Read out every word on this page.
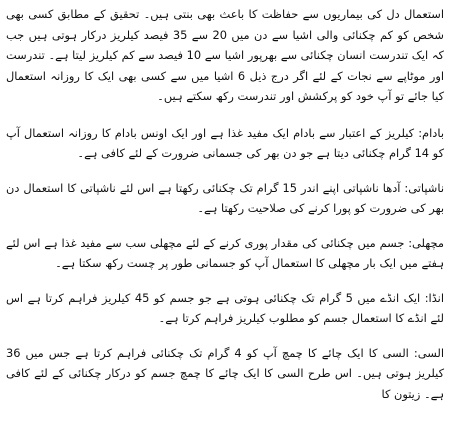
استعمال دل کی بیماریوں سے حفاظت کا باعث بھی بنتی ہیں۔ تحقیق کے مطابق کسی بھی شخص کو کم چکنائی والی اشیا سے دن میں 20 سے 35 فیصد کیلریز درکار ہوتی ہیں جب کہ ایک تندرست انسان چکنائی سے بھرپور اشیا سے 10 فیصد سے کم کیلریز لیتا ہے۔ تندرست اور موٹاپے سے نجات کے لئے اگر درج ذیل 6 اشیا میں سے کسی بھی ایک کا روزانہ استعمال کیا جائے تو آپ خود کو پرکشش اور تندرست رکھ سکتے ہیں۔

بادام: کیلریز کے اعتبار سے بادام ایک مفید غذا ہے اور ایک اونس بادام کا روزانہ استعمال آپ کو 14 گرام چکنائی دیتا ہے جو دن بھر کی جسمانی ضرورت کے لئے کافی ہے۔

ناشپاتی: آدھا ناشپاتی اپنے اندر 15 گرام تک چکنائی رکھتا ہے اس لئے ناشپاتی کا استعمال دن بھر کی ضرورت کو پورا کرنے کی صلاحیت رکھتا ہے۔

مچھلی: جسم میں چکنائی کی مقدار پوری کرنے کے لئے مچھلی سب سے مفید غذا ہے اس لئے ہفتے میں ایک بار مچھلی کا استعمال آپ کو جسمانی طور پر چست رکھ سکتا ہے۔

انڈا: ایک انڈے میں 5 گرام تک چکنائی ہوتی ہے جو جسم کو 45 کیلریز فراہم کرتا ہے اس لئے انڈے کا استعمال جسم کو مطلوب کیلریز فراہم کرتا ہے۔

السی: السی کا ایک چائے کا چمچ آپ کو 4 گرام تک چکنائی فراہم کرتا ہے جس میں 36 کیلریز ہوتی ہیں۔ اس طرح السی کا ایک چائے کا چمچ جسم کو درکار چکنائی کے لئے کافی ہے۔ زیتون کا
